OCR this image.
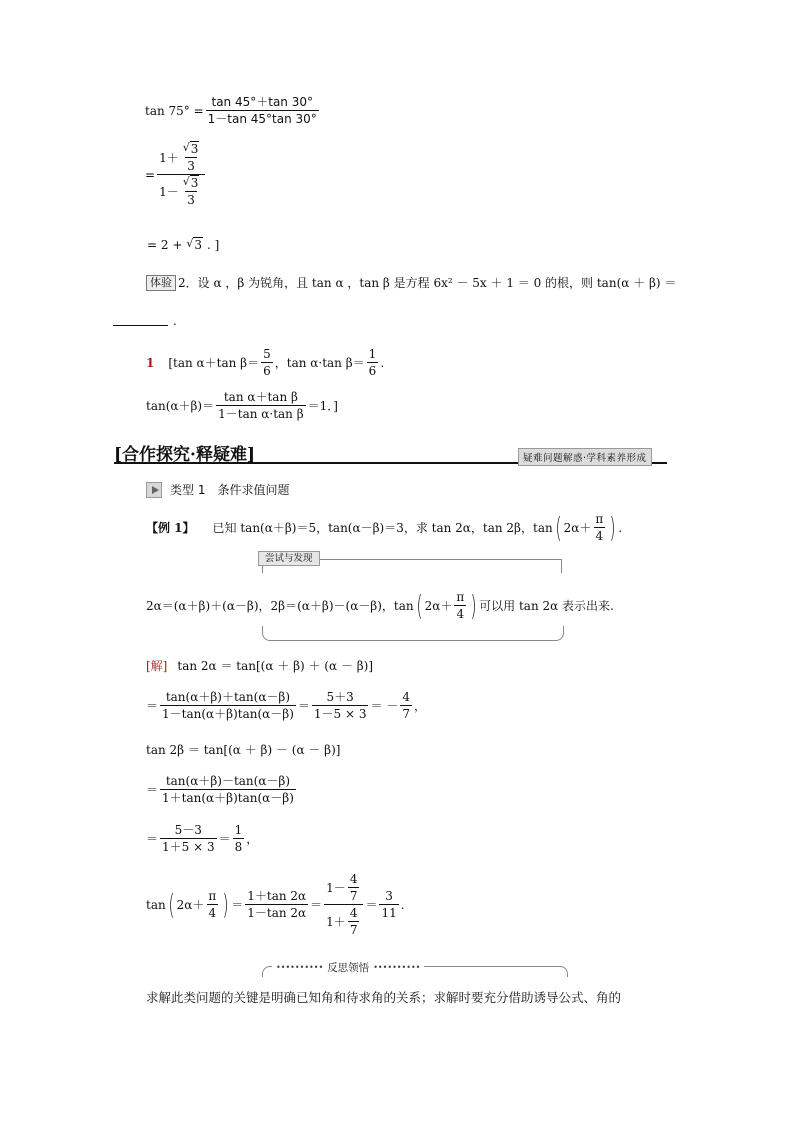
$\tan 75^\circ = \frac{\tan 45^\circ+\tan 30^\circ}{1-\tan 45^\circ\tan 30^\circ}$
= 1 ＋
√ $\frac{3}{3}$
1 －
√ $\frac{3}{3}$
= 2 +
√	3 . ]
体验 2．设 α ，β 为锐角，且 tan α ，tan β 是方程 6x² － 5x ＋ 1 ＝ 0 的根，则 tan(α ＋ β) ＝
.
1 [tan α＋tan $\beta= \frac{5}{6}$ ，tan α·tan $\beta= \frac{1}{6}$ .
$\tan(\alpha+\beta)= \frac{\text{tan α＋tan β}}{\text{1－tan α·tan β}} =1$．]
[合作探究·释疑难]	疑难问题解惑·学科素养形成
类型 1　条件求值问题
【例 1】 已知 tan(α＋β)＝5，tan(α－β)＝3，求 tan 2α，tan 2β，tan ( $2\alpha+ \frac{\pi}{4}$ ) .
尝试与发现
2α＝(α＋β)＋(α－β)，2β＝(α＋β)－(α－β)，tan ( $2\alpha+ \frac{\pi}{4}$ ) 可以用 tan 2α 表示出来.
[解] tan 2α ＝ tan[(α ＋ β) ＋ (α － β)]
＝ $\frac{\tan(\alpha+\beta)+\tan(\alpha-\beta)}{1-\tan(\alpha+\beta)\tan(\alpha-\beta)} = \frac{5+3}{1-5 \times 3}$ ＝ － $\frac{4}{7}$ ，
tan 2β ＝ tan[(α ＋ β) － (α － β)]
＝ $\frac{\tan(\alpha+\beta)-\tan(\alpha-\beta)}{1+\tan(\alpha+\beta)\tan(\alpha-\beta)}$
＝ $\frac{5-3}{1+5 \times 3} = \frac{1}{8}$ ，
tan ( $2\alpha+ \frac{\pi}{4}$ ) ＝ $\frac{1+\tan 2\alpha}{1-\tan 2\alpha} = \frac{1- \frac{4}{7}}{1+ \frac{4}{7}} = \frac{3}{11}$ .
•••••••••• 反思领悟 ••••••••••
求解此类问题的关键是明确已知角和待求角的关系；求解时要充分借助诱导公式、角的
